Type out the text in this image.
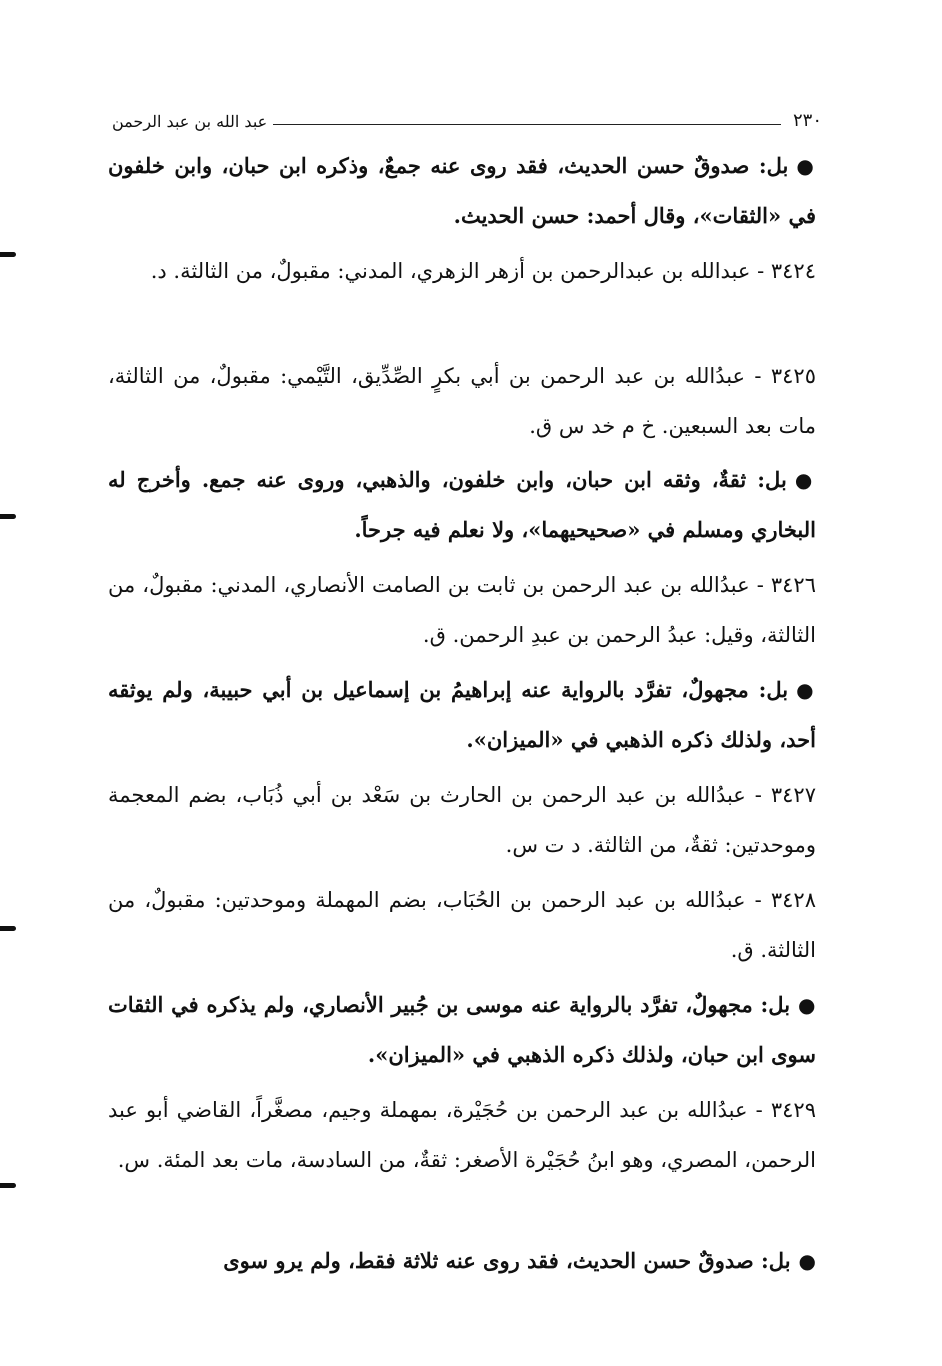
٢٣٠
عبد الله بن عبد الرحمن
●بل: صدوقٌ حسن الحديث، فقد روى عنه جمعٌ، وذكره ابن حبان، وابن خلفون في «الثقات»، وقال أحمد: حسن الحديث.
٣٤٢٤ - عبدالله بن عبدالرحمن بن أزهر الزهري، المدني: مقبولٌ، من الثالثة. د.
٣٤٢٥ - عبدُالله بن عبد الرحمن بن أبي بكرٍ الصِّدِّيق، التَّيْمي: مقبولٌ، من الثالثة، مات بعد السبعين. خ م خد س ق.
●بل: ثقةٌ، وثقه ابن حبان، وابن خلفون، والذهبي، وروى عنه جمع. وأخرج له البخاري ومسلم في «صحيحيهما»، ولا نعلم فيه جرحاً.
٣٤٢٦ - عبدُالله بن عبد الرحمن بن ثابت بن الصامت الأنصاري، المدني: مقبولٌ، من الثالثة، وقيل: عبدُ الرحمن بن عبدِ الرحمن. ق.
●بل: مجهولٌ، تفرَّد بالرواية عنه إبراهيمُ بن إسماعيل بن أبي حبيبة، ولم يوثقه أحد، ولذلك ذكره الذهبي في «الميزان».
٣٤٢٧ - عبدُالله بن عبد الرحمن بن الحارث بن سَعْد بن أبي ذُبَاب، بضم المعجمة وموحدتين: ثقةٌ، من الثالثة. د ت س.
٣٤٢٨ - عبدُالله بن عبد الرحمن بن الحُبَاب، بضم المهملة وموحدتين: مقبولٌ، من الثالثة. ق.
●بل: مجهولٌ، تفرَّد بالرواية عنه موسى بن جُبير الأنصاري، ولم يذكره في الثقات سوى ابن حبان، ولذلك ذكره الذهبي في «الميزان».
٣٤٢٩ - عبدُالله بن عبد الرحمن بن حُجَيْرة، بمهملة وجيم، مصغَّراً، القاضي أبو عبد الرحمن، المصري، وهو ابنُ حُجَيْرة الأصغر: ثقةٌ، من السادسة، مات بعد المئة. س.
●بل: صدوقٌ حسن الحديث، فقد روى عنه ثلاثة فقط، ولم يرو سوى
